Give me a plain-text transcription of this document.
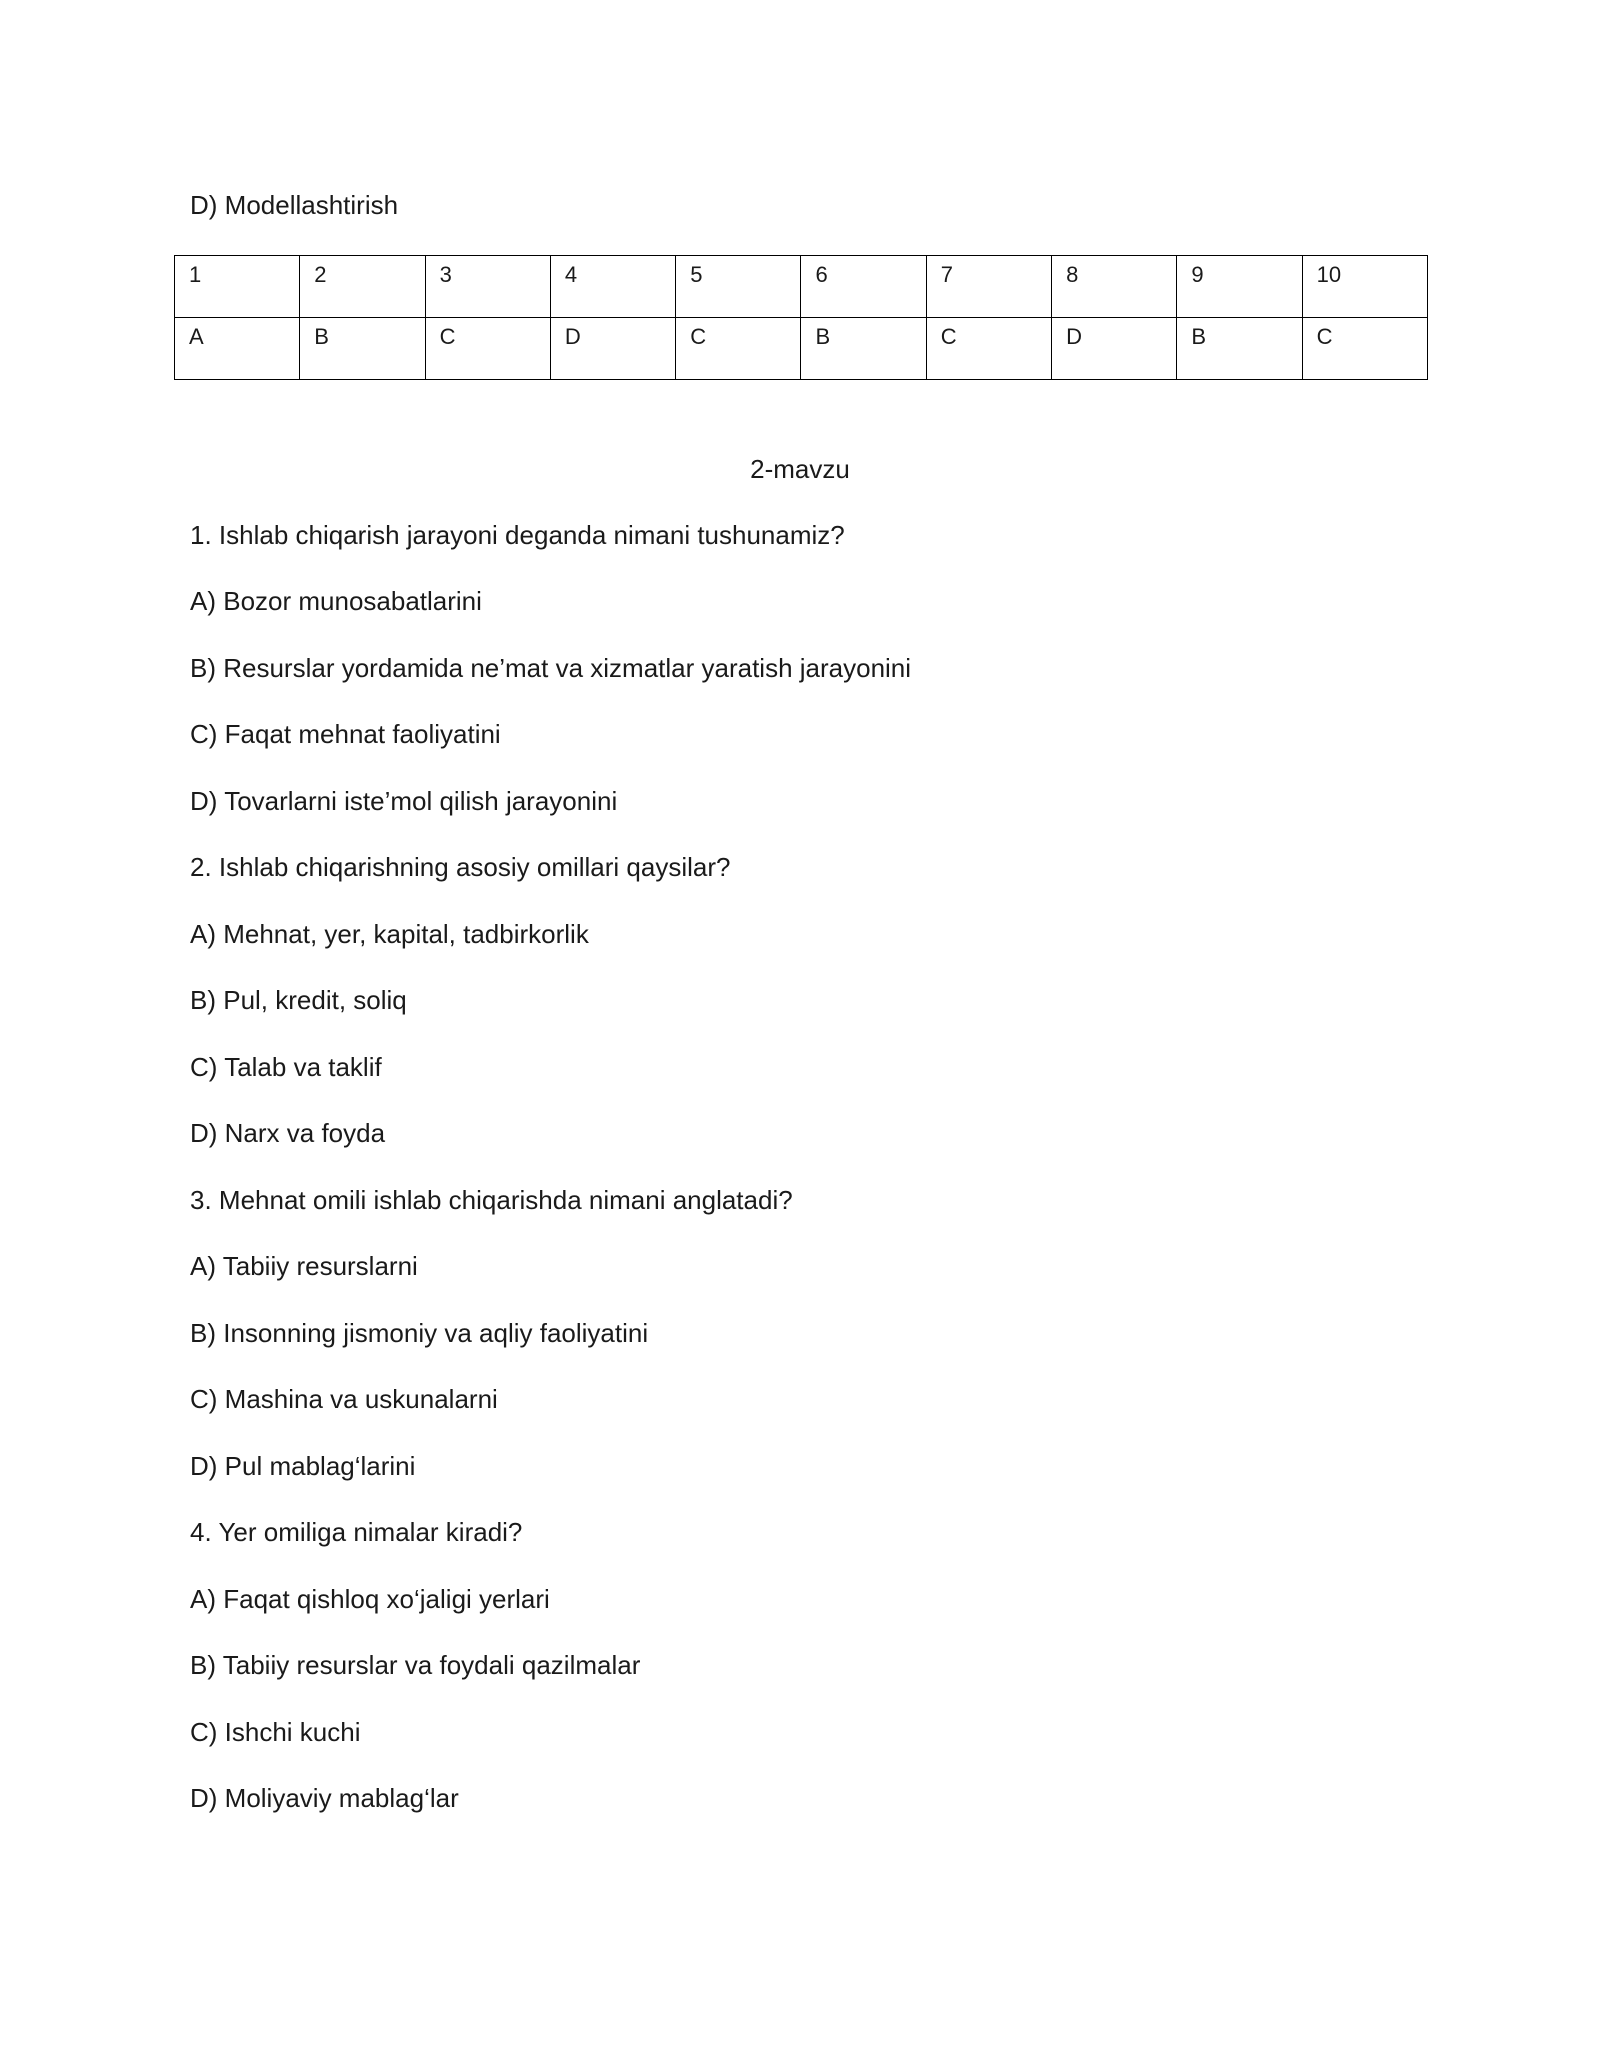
D) Modellashtirish
1	2	3	4	5	6	7	8	9	10

A	B	C	D	C	B	C	D	B	C
2-mavzu
1. Ishlab chiqarish jarayoni deganda nimani tushunamiz?
A) Bozor munosabatlarini
B) Resurslar yordamida ne’mat va xizmatlar yaratish jarayonini
C) Faqat mehnat faoliyatini
D) Tovarlarni iste’mol qilish jarayonini
2. Ishlab chiqarishning asosiy omillari qaysilar?
A) Mehnat, yer, kapital, tadbirkorlik
B) Pul, kredit, soliq
C) Talab va taklif
D) Narx va foyda
3. Mehnat omili ishlab chiqarishda nimani anglatadi?
A) Tabiiy resurslarni
B) Insonning jismoniy va aqliy faoliyatini
C) Mashina va uskunalarni
D) Pul mablag‘larini
4. Yer omiliga nimalar kiradi?
A) Faqat qishloq xo‘jaligi yerlari
B) Tabiiy resurslar va foydali qazilmalar
C) Ishchi kuchi
D) Moliyaviy mablag‘lar
